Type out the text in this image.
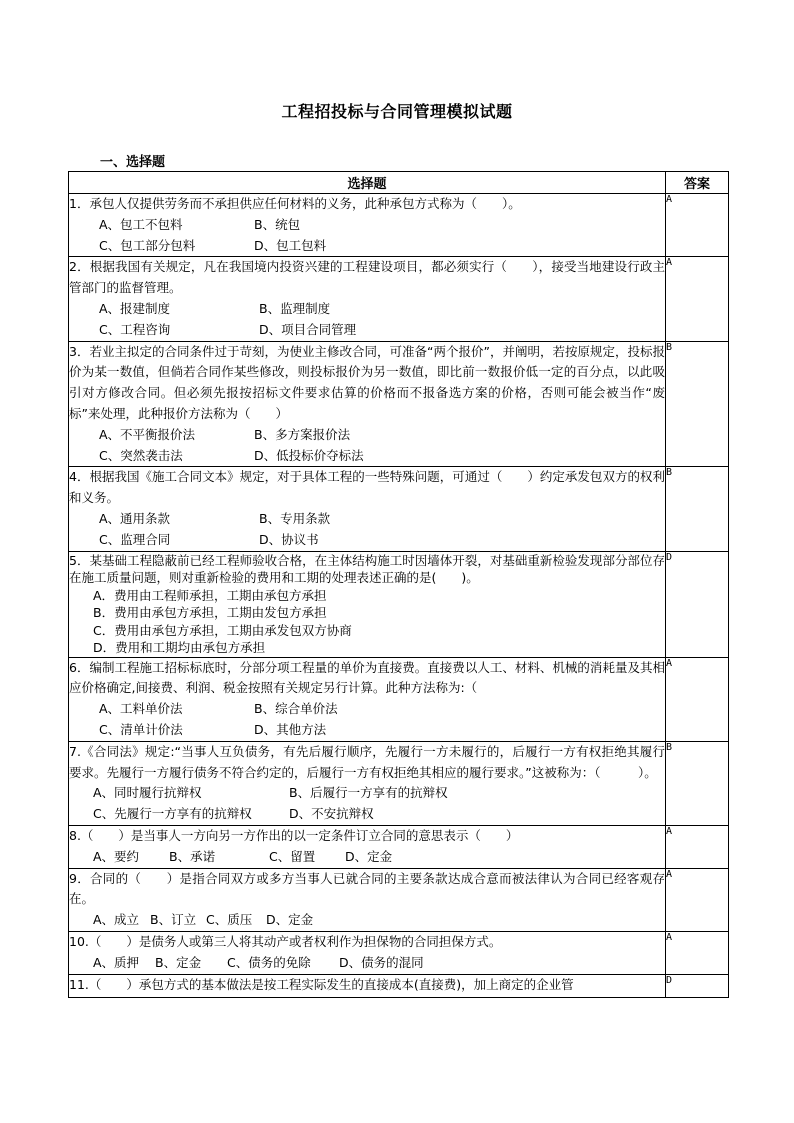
工程招投标与合同管理模拟试题
一、选择题
选择题	答案

1．承包人仅提供劳务而不承担供应任何材料的义务，此种承包方式称为（　　）。
A、包工不包料 B、统包
C、包工部分包料 D、包工包料	A

2．根据我国有关规定，凡在我国境内投资兴建的工程建设项目，都必须实行（　　），接受当地建设行政主管部门的监督管理。
A、报建制度 B、监理制度
C、工程咨询 D、项目合同管理	A

3．若业主拟定的合同条件过于苛刻，为使业主修改合同，可准备“两个报价”，并阐明，若按原规定，投标报价为某一数值，但倘若合同作某些修改，则投标报价为另一数值，即比前一数报价低一定的百分点，以此吸引对方修改合同。但必须先报按招标文件要求估算的价格而不报备选方案的价格，否则可能会被当作“废标”来处理，此种报价方法称为（　　）
A、不平衡报价法 B、多方案报价法
C、突然袭击法 D、低投标价夺标法	B

4．根据我国《施工合同文本》规定，对于具体工程的一些特殊问题，可通过（　　）约定承发包双方的权利和义务。
A、通用条款 B、专用条款
C、监理合同 D、协议书	B

5．某基础工程隐蔽前已经工程师验收合格，在主体结构施工时因墙体开裂，对基础重新检验发现部分部位存在施工质量问题，则对重新检验的费用和工期的处理表述正确的是(　　)。
A．费用由工程师承担，工期由承包方承担
B．费用由承包方承担，工期由发包方承担
C．费用由承包方承担，工期由承发包双方协商
D．费用和工期均由承包方承担	D

6．编制工程施工招标标底时，分部分项工程量的单价为直接费。直接费以人工、材料、机械的消耗量及其相应价格确定,间接费、利润、税金按照有关规定另行计算。此种方法称为:（
A、工料单价法 B、综合单价法
C、清单计价法 D、其他方法	A

7.《合同法》规定:“当事人互负债务，有先后履行顺序，先履行一方未履行的，后履行一方有权拒绝其履行要求。先履行一方履行债务不符合约定的，后履行一方有权拒绝其相应的履行要求。”这被称为：（　　　）。
A、同时履行抗辩权 B、后履行一方享有的抗辩权
C、先履行一方享有的抗辩权 D、不安抗辩权	B

8.（　　）是当事人一方向另一方作出的以一定条件订立合同的意思表示（　　）
A、要约 B、承诺 C、留置 D、定金	A

9．合同的（　　）是指合同双方或多方当事人已就合同的主要条款达成合意而被法律认为合同已经客观存在。
A、成立 B、订立 C、质压 D、定金	A

10.（　　）是债务人或第三人将其动产或者权利作为担保物的合同担保方式。
A、质押 B、定金 C、债务的免除 D、债务的混同	A

11.（　　）承包方式的基本做法是按工程实际发生的直接成本(直接费)，加上商定的企业管	D
